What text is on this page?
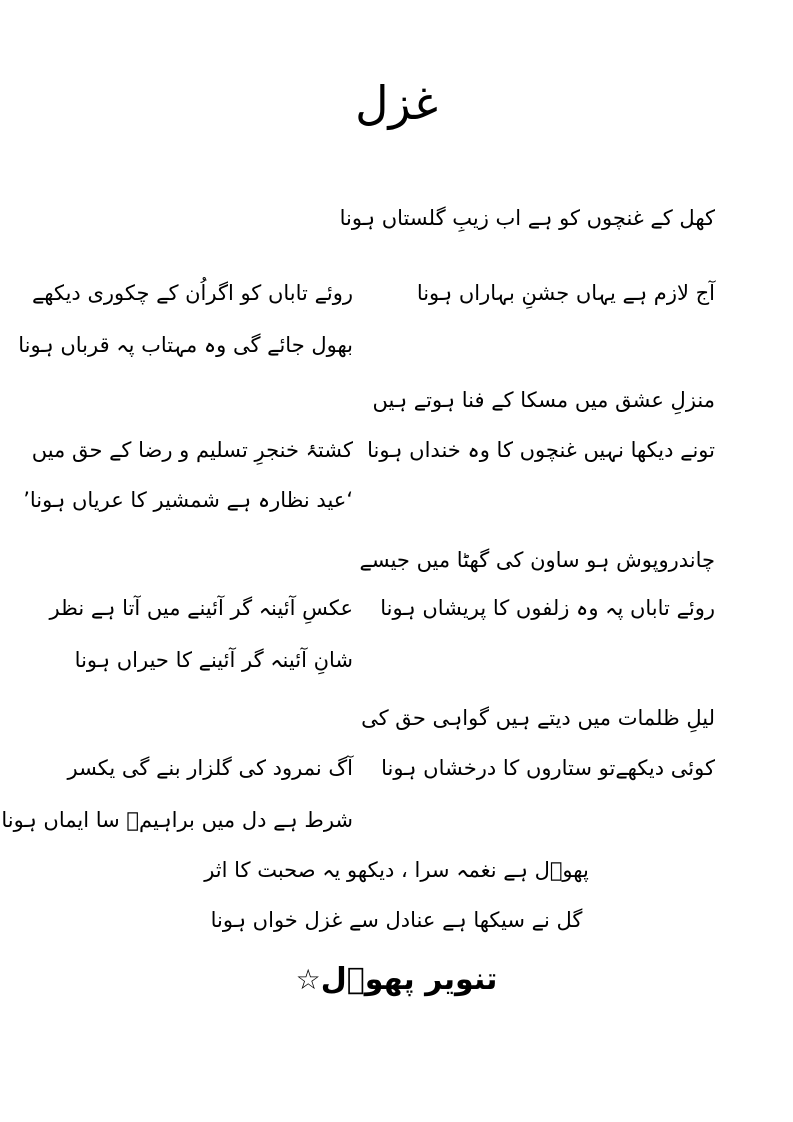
غزل
کھل کے غنچوں کو ہے اب زیبِ گلستاں ہونا
آج لازم ہے یہاں جشنِ بہاراں ہونا
منزلِ عشق میں مسکا کے فنا ہوتے ہیں
تونے دیکھا نہیں غنچوں کا وہ خنداں ہونا
چاندروپوش ہو ساون کی گھٹا میں جیسے
روئے تاباں پہ وہ زلفوں کا پریشاں ہونا
لیلِ ظلمات میں دیتے ہیں گواہی حق کی
کوئی دیکھےتو ستاروں کا درخشاں ہونا
روئے تاباں کو اگراُن کے چکوری دیکھے
بھول جائے گی وہ مہتاب پہ قرباں ہونا
کشتۂ خنجرِ تسلیم و رضا کے حق میں
‘عید نظارہ ہے شمشیر کا عریاں ہونا’
عکسِ آئینہ گر آئینے میں آتا ہے نظر
شانِ آئینہ گر آئینے کا حیراں ہونا
آگ نمرود کی گلزار بنے گی یکسر
شرط ہے دل میں براہیمؑ سا ایماں ہونا
پھوؔل ہے نغمہ سرا ، دیکھو یہ صحبت کا اثر
گل نے سیکھا ہے عنادل سے غزل خواں ہونا
تنویر پھوؔل☆
